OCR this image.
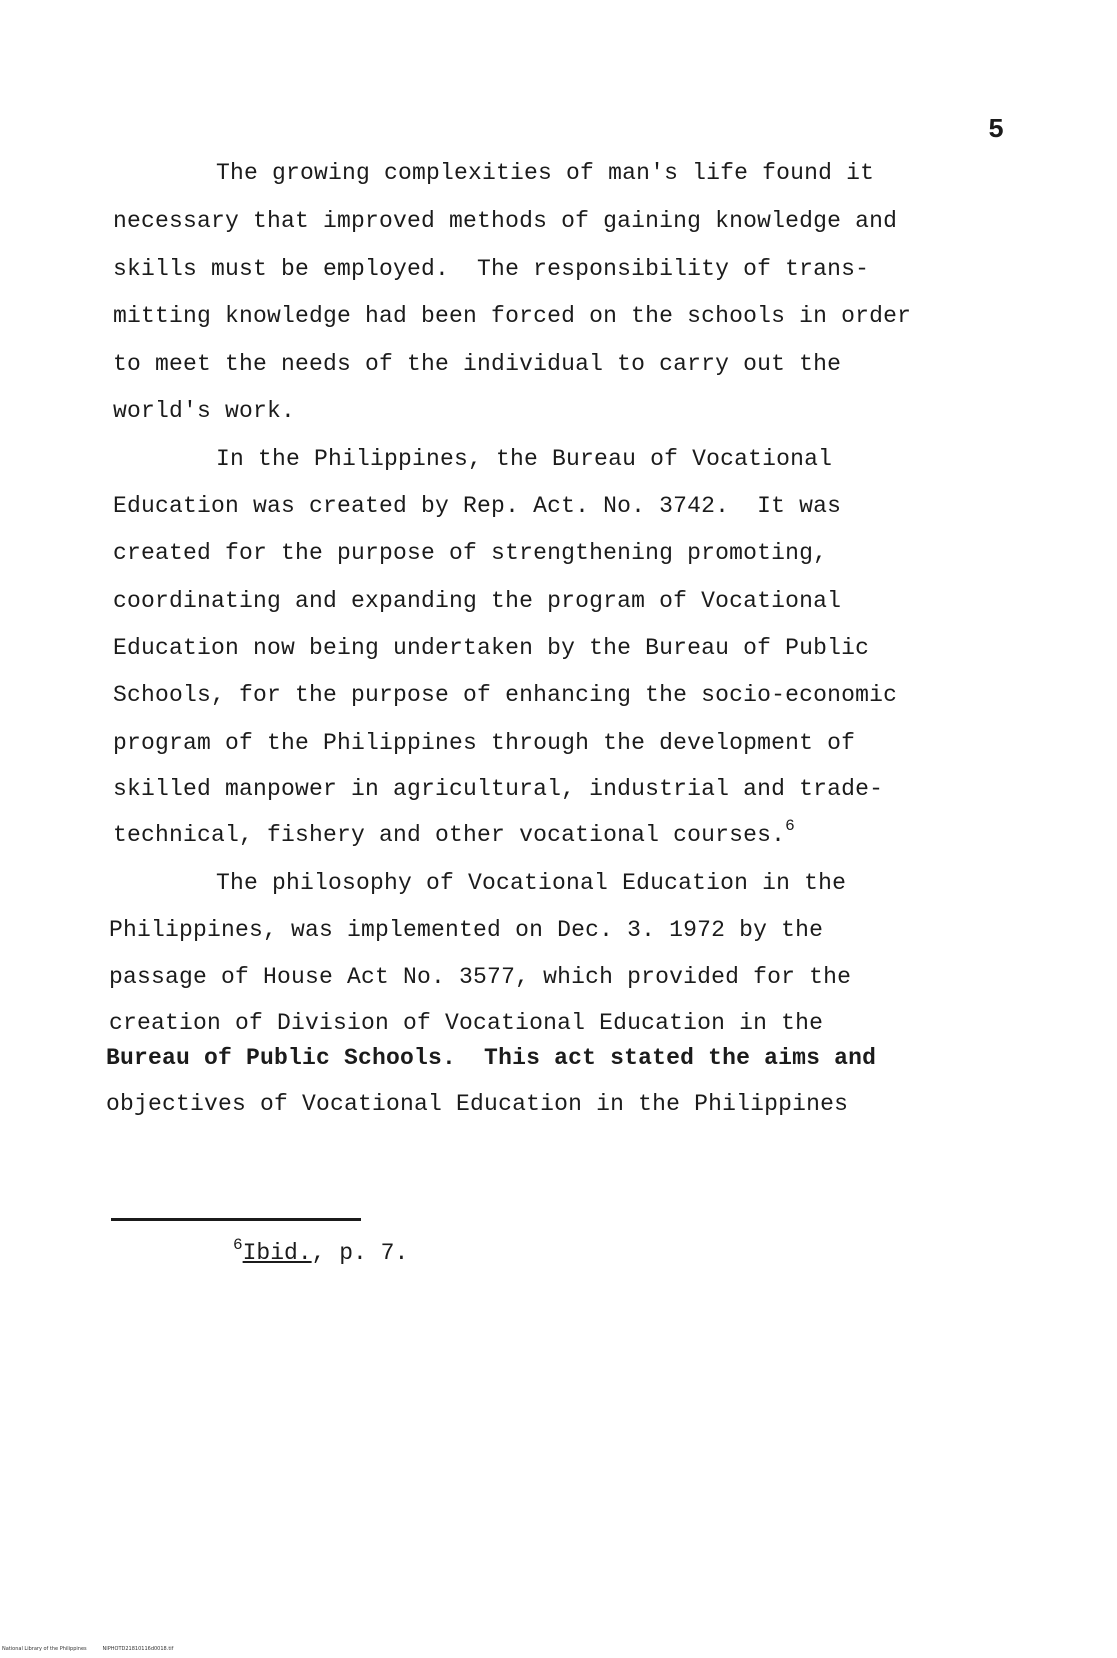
5
The growing complexities of man's life found it
necessary that improved methods of gaining knowledge and
skills must be employed.  The responsibility of trans-
mitting knowledge had been forced on the schools in order
to meet the needs of the individual to carry out the
world's work.
In the Philippines, the Bureau of Vocational
Education was created by Rep. Act. No. 3742.  It was
created for the purpose of strengthening promoting,
coordinating and expanding the program of Vocational
Education now being undertaken by the Bureau of Public
Schools, for the purpose of enhancing the socio-economic
program of the Philippines through the development of
skilled manpower in agricultural, industrial and trade-
technical, fishery and other vocational courses.$^6$
The philosophy of Vocational Education in the
Philippines, was implemented on Dec. 3. 1972 by the
passage of House Act No. 3577, which provided for the
creation of Division of Vocational Education in the
Bureau of Public Schools.  This act stated the aims and
objectives of Vocational Education in the Philippines
$^6$Ibid., p. 7.
National Library of the Philippines	NIPHOTD21810116d0018.tif
